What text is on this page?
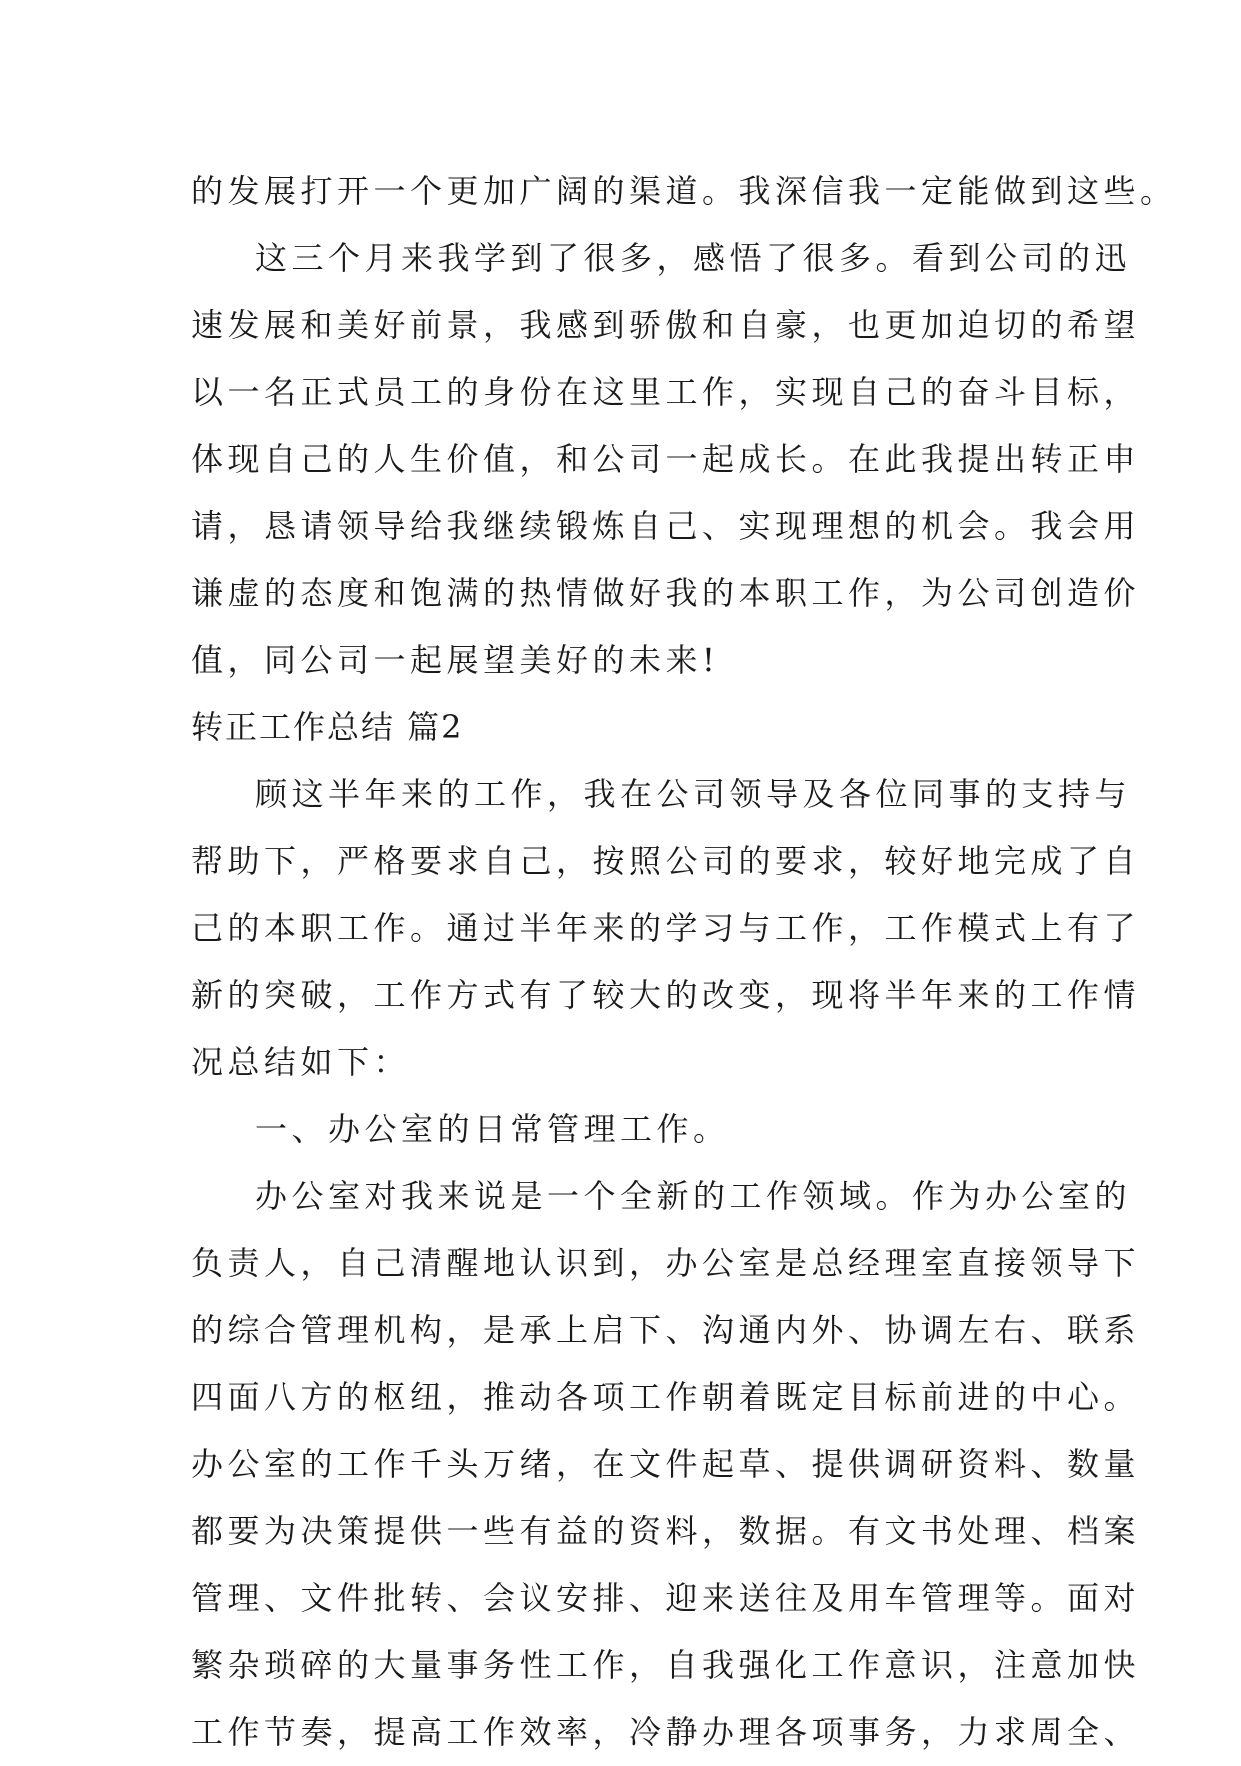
的发展打开一个更加广阔的渠道。我深信我一定能做到这些。
这三个月来我学到了很多，感悟了很多。看到公司的迅
速发展和美好前景，我感到骄傲和自豪，也更加迫切的希望
以一名正式员工的身份在这里工作，实现自己的奋斗目标，
体现自己的人生价值，和公司一起成长。在此我提出转正申
请，恳请领导给我继续锻炼自己、实现理想的机会。我会用
谦虚的态度和饱满的热情做好我的本职工作，为公司创造价
值，同公司一起展望美好的未来!
转正工作总结 篇2
顾这半年来的工作，我在公司领导及各位同事的支持与
帮助下，严格要求自己，按照公司的要求，较好地完成了自
己的本职工作。通过半年来的学习与工作，工作模式上有了
新的突破，工作方式有了较大的改变，现将半年来的工作情
况总结如下：
一、办公室的日常管理工作。
办公室对我来说是一个全新的工作领域。作为办公室的
负责人，自己清醒地认识到，办公室是总经理室直接领导下
的综合管理机构，是承上启下、沟通内外、协调左右、联系
四面八方的枢纽，推动各项工作朝着既定目标前进的中心。
办公室的工作千头万绪，在文件起草、提供调研资料、数量
都要为决策提供一些有益的资料，数据。有文书处理、档案
管理、文件批转、会议安排、迎来送往及用车管理等。面对
繁杂琐碎的大量事务性工作，自我强化工作意识，注意加快
工作节奏，提高工作效率，冷静办理各项事务，力求周全、
